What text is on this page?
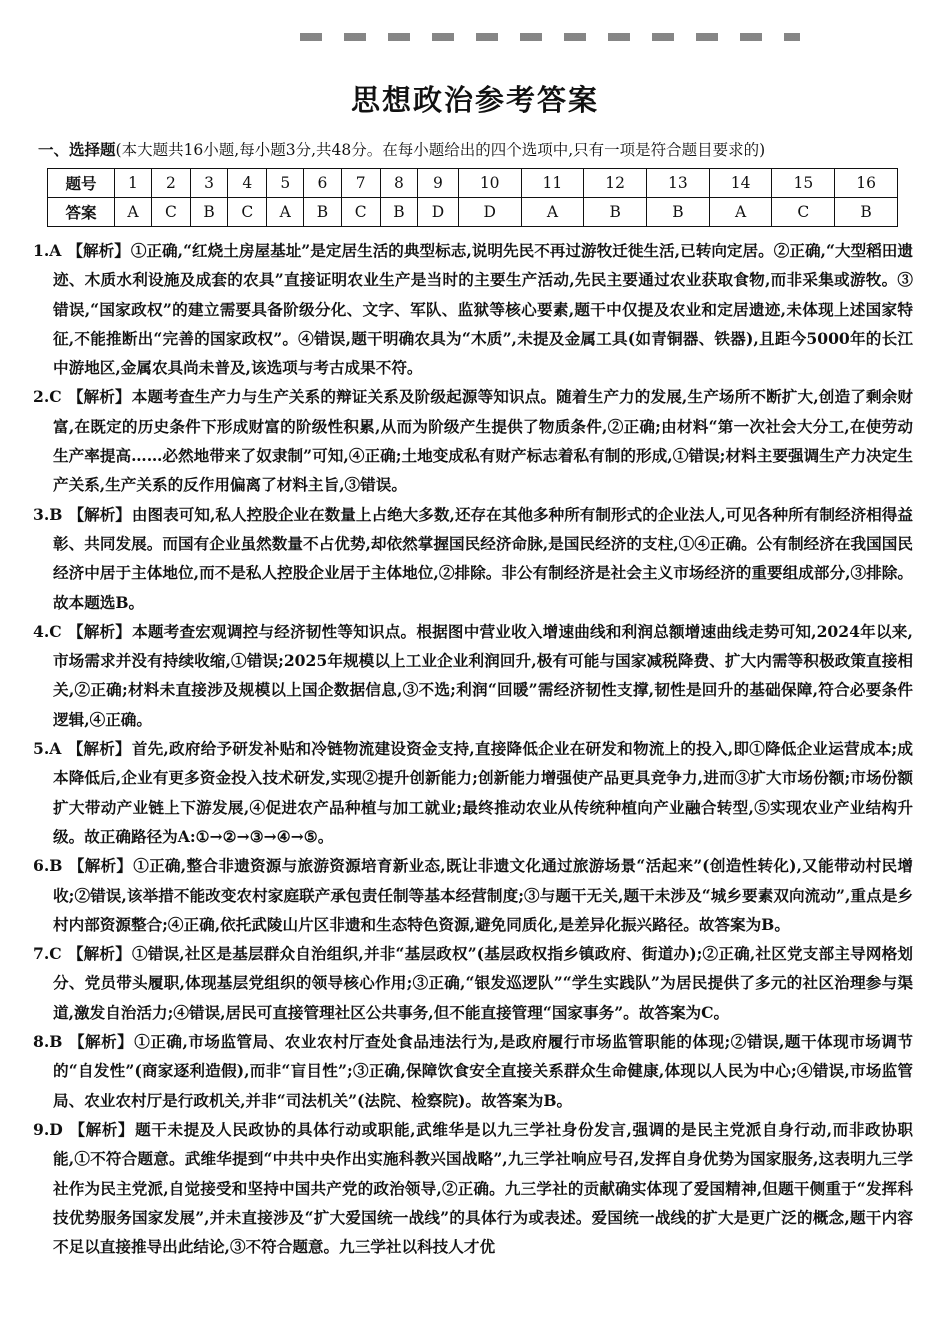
思想政治参考答案
一、选择题(本大题共16小题,每小题3分,共48分。在每小题给出的四个选项中,只有一项是符合题目要求的)
题号	1	2	3	4	5	6	7	8	9	10	11	12	13	14	15	16
答案	A	C	B	C	A	B	C	B	D	D	A	B	B	A	C	B

1.A 【解析】①正确,“红烧土房屋基址”是定居生活的典型标志,说明先民不再过游牧迁徙生活,已转向定居。②正确,“大型稻田遗迹、木质水利设施及成套的农具”直接证明农业生产是当时的主要生产活动,先民主要通过农业获取食物,而非采集或游牧。③错误,“国家政权”的建立需要具备阶级分化、文字、军队、监狱等核心要素,题干中仅提及农业和定居遗迹,未体现上述国家特征,不能推断出“完善的国家政权”。④错误,题干明确农具为“木质”,未提及金属工具(如青铜器、铁器),且距今5000年的长江中游地区,金属农具尚未普及,该选项与考古成果不符。

2.C 【解析】本题考查生产力与生产关系的辩证关系及阶级起源等知识点。随着生产力的发展,生产场所不断扩大,创造了剩余财富,在既定的历史条件下形成财富的阶级性积累,从而为阶级产生提供了物质条件,②正确;由材料“第一次社会大分工,在使劳动生产率提高……必然地带来了奴隶制”可知,④正确;土地变成私有财产标志着私有制的形成,①错误;材料主要强调生产力决定生产关系,生产关系的反作用偏离了材料主旨,③错误。

3.B 【解析】由图表可知,私人控股企业在数量上占绝大多数,还存在其他多种所有制形式的企业法人,可见各种所有制经济相得益彰、共同发展。而国有企业虽然数量不占优势,却依然掌握国民经济命脉,是国民经济的支柱,①④正确。公有制经济在我国国民经济中居于主体地位,而不是私人控股企业居于主体地位,②排除。非公有制经济是社会主义市场经济的重要组成部分,③排除。故本题选B。

4.C 【解析】本题考查宏观调控与经济韧性等知识点。根据图中营业收入增速曲线和利润总额增速曲线走势可知,2024年以来,市场需求并没有持续收缩,①错误;2025年规模以上工业企业利润回升,极有可能与国家减税降费、扩大内需等积极政策直接相关,②正确;材料未直接涉及规模以上国企数据信息,③不选;利润“回暖”需经济韧性支撑,韧性是回升的基础保障,符合必要条件逻辑,④正确。

5.A 【解析】首先,政府给予研发补贴和冷链物流建设资金支持,直接降低企业在研发和物流上的投入,即①降低企业运营成本;成本降低后,企业有更多资金投入技术研发,实现②提升创新能力;创新能力增强使产品更具竞争力,进而③扩大市场份额;市场份额扩大带动产业链上下游发展,④促进农产品种植与加工就业;最终推动农业从传统种植向产业融合转型,⑤实现农业产业结构升级。故正确路径为A:①→②→③→④→⑤。

6.B 【解析】①正确,整合非遗资源与旅游资源培育新业态,既让非遗文化通过旅游场景“活起来”(创造性转化),又能带动村民增收;②错误,该举措不能改变农村家庭联产承包责任制等基本经营制度;③与题干无关,题干未涉及“城乡要素双向流动”,重点是乡村内部资源整合;④正确,依托武陵山片区非遗和生态特色资源,避免同质化,是差异化振兴路径。故答案为B。

7.C 【解析】①错误,社区是基层群众自治组织,并非“基层政权”(基层政权指乡镇政府、街道办);②正确,社区党支部主导网格划分、党员带头履职,体现基层党组织的领导核心作用;③正确,“银发巡逻队”“学生实践队”为居民提供了多元的社区治理参与渠道,激发自治活力;④错误,居民可直接管理社区公共事务,但不能直接管理“国家事务”。故答案为C。

8.B 【解析】①正确,市场监管局、农业农村厅查处食品违法行为,是政府履行市场监管职能的体现;②错误,题干体现市场调节的“自发性”(商家逐利造假),而非“盲目性”;③正确,保障饮食安全直接关系群众生命健康,体现以人民为中心;④错误,市场监管局、农业农村厅是行政机关,并非“司法机关”(法院、检察院)。故答案为B。

9.D 【解析】题干未提及人民政协的具体行动或职能,武维华是以九三学社身份发言,强调的是民主党派自身行动,而非政协职能,①不符合题意。武维华提到“中共中央作出实施科教兴国战略”,九三学社响应号召,发挥自身优势为国家服务,这表明九三学社作为民主党派,自觉接受和坚持中国共产党的政治领导,②正确。九三学社的贡献确实体现了爱国精神,但题干侧重于“发挥科技优势服务国家发展”,并未直接涉及“扩大爱国统一战线”的具体行为或表述。爱国统一战线的扩大是更广泛的概念,题干内容不足以直接推导出此结论,③不符合题意。九三学社以科技人才优
